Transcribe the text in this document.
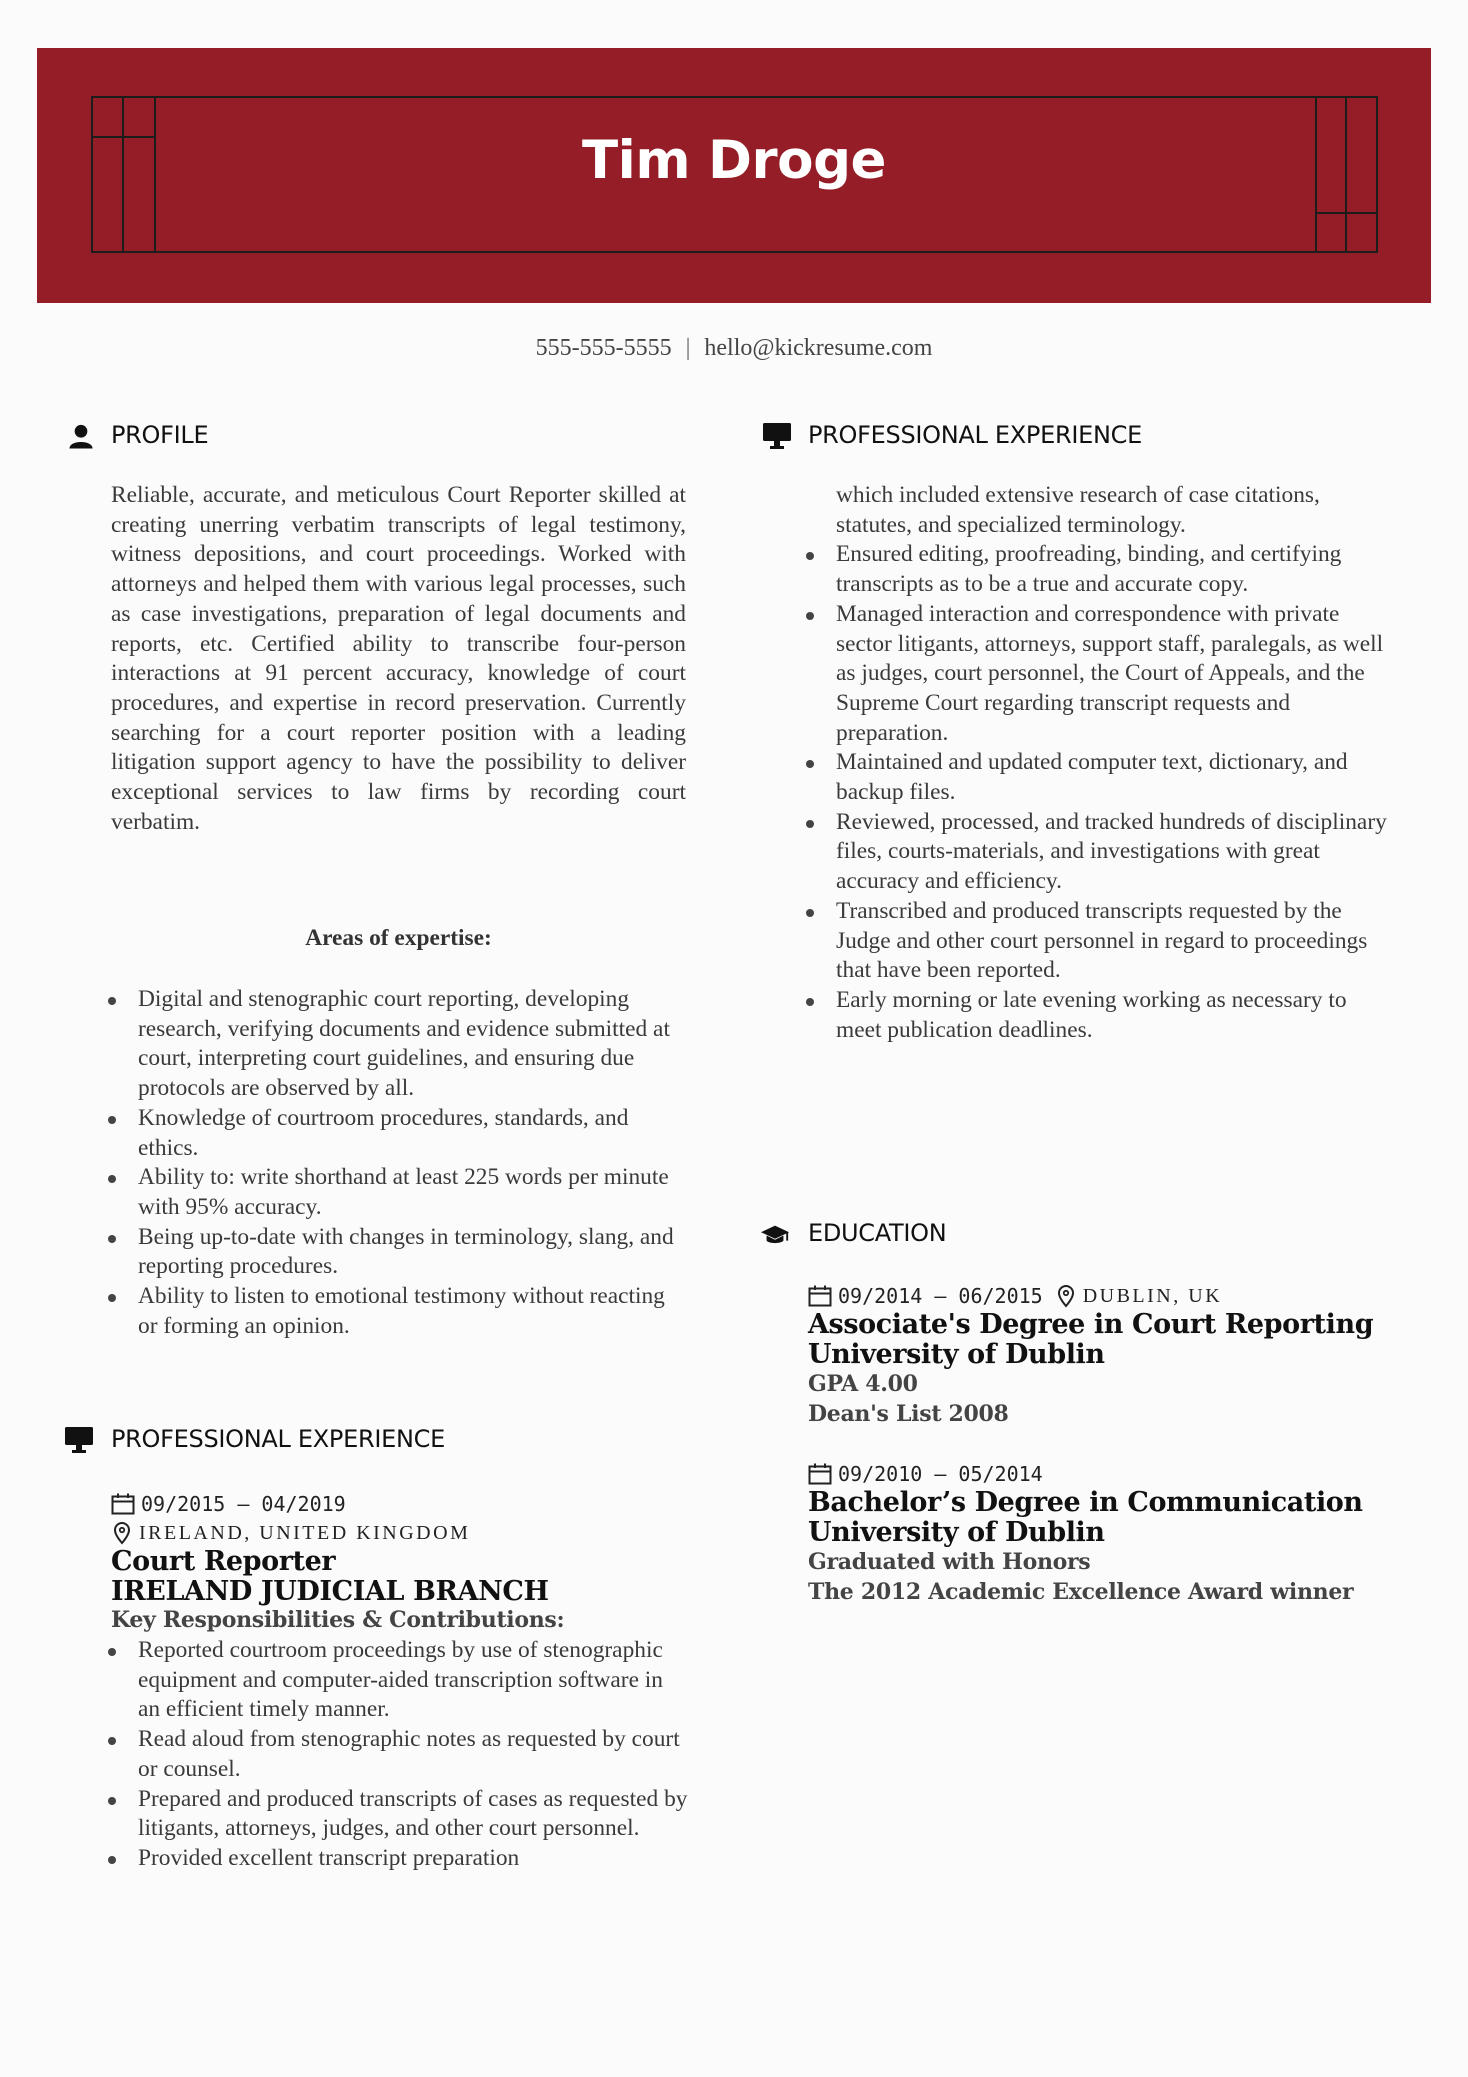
Tim Droge
555-555-5555 | hello@kickresume.com
PROFILE
Reliable, accurate, and meticulous Court Reporter skilled at creating unerring verbatim transcripts of legal testimony, witness depositions, and court proceedings. Worked with attorneys and helped them with various legal processes, such as case investigations, preparation of legal documents and reports, etc. Certified ability to transcribe four-person interactions at 91 percent accuracy, knowledge of court procedures, and expertise in record preservation. Currently searching for a court reporter position with a leading litigation support agency to have the possibility to deliver exceptional services to law firms by recording court verbatim.
Areas of expertise:
Digital and stenographic court reporting, developing research, verifying documents and evidence submitted at court, interpreting court guidelines, and ensuring due protocols are observed by all.
Knowledge of courtroom procedures, standards, and ethics.
Ability to: write shorthand at least 225 words per minute with 95% accuracy.
Being up-to-date with changes in terminology, slang, and reporting procedures.
Ability to listen to emotional testimony without reacting or forming an opinion.
PROFESSIONAL EXPERIENCE
09/2015 – 04/2019
IRELAND, UNITED KINGDOM
Court Reporter
IRELAND JUDICIAL BRANCH
Key Responsibilities & Contributions:
Reported courtroom proceedings by use of stenographic equipment and computer-aided transcription software in an efficient timely manner.
Read aloud from stenographic notes as requested by court or counsel.
Prepared and produced transcripts of cases as requested by litigants, attorneys, judges, and other court personnel.
Provided excellent transcript preparation
PROFESSIONAL EXPERIENCE
which included extensive research of case citations, statutes, and specialized terminology.
Ensured editing, proofreading, binding, and certifying transcripts as to be a true and accurate copy.
Managed interaction and correspondence with private sector litigants, attorneys, support staff, paralegals, as well as judges, court personnel, the Court of Appeals, and the Supreme Court regarding transcript requests and preparation.
Maintained and updated computer text, dictionary, and backup files.
Reviewed, processed, and tracked hundreds of disciplinary files, courts-materials, and investigations with great accuracy and efficiency.
Transcribed and produced transcripts requested by the Judge and other court personnel in regard to proceedings that have been reported.
Early morning or late evening working as necessary to meet publication deadlines.
EDUCATION
09/2014 – 06/2015 DUBLIN, UK
Associate's Degree in Court Reporting
University of Dublin
GPA 4.00
Dean's List 2008
09/2010 – 05/2014
Bachelor’s Degree in Communication
University of Dublin
Graduated with Honors
The 2012 Academic Excellence Award winner
